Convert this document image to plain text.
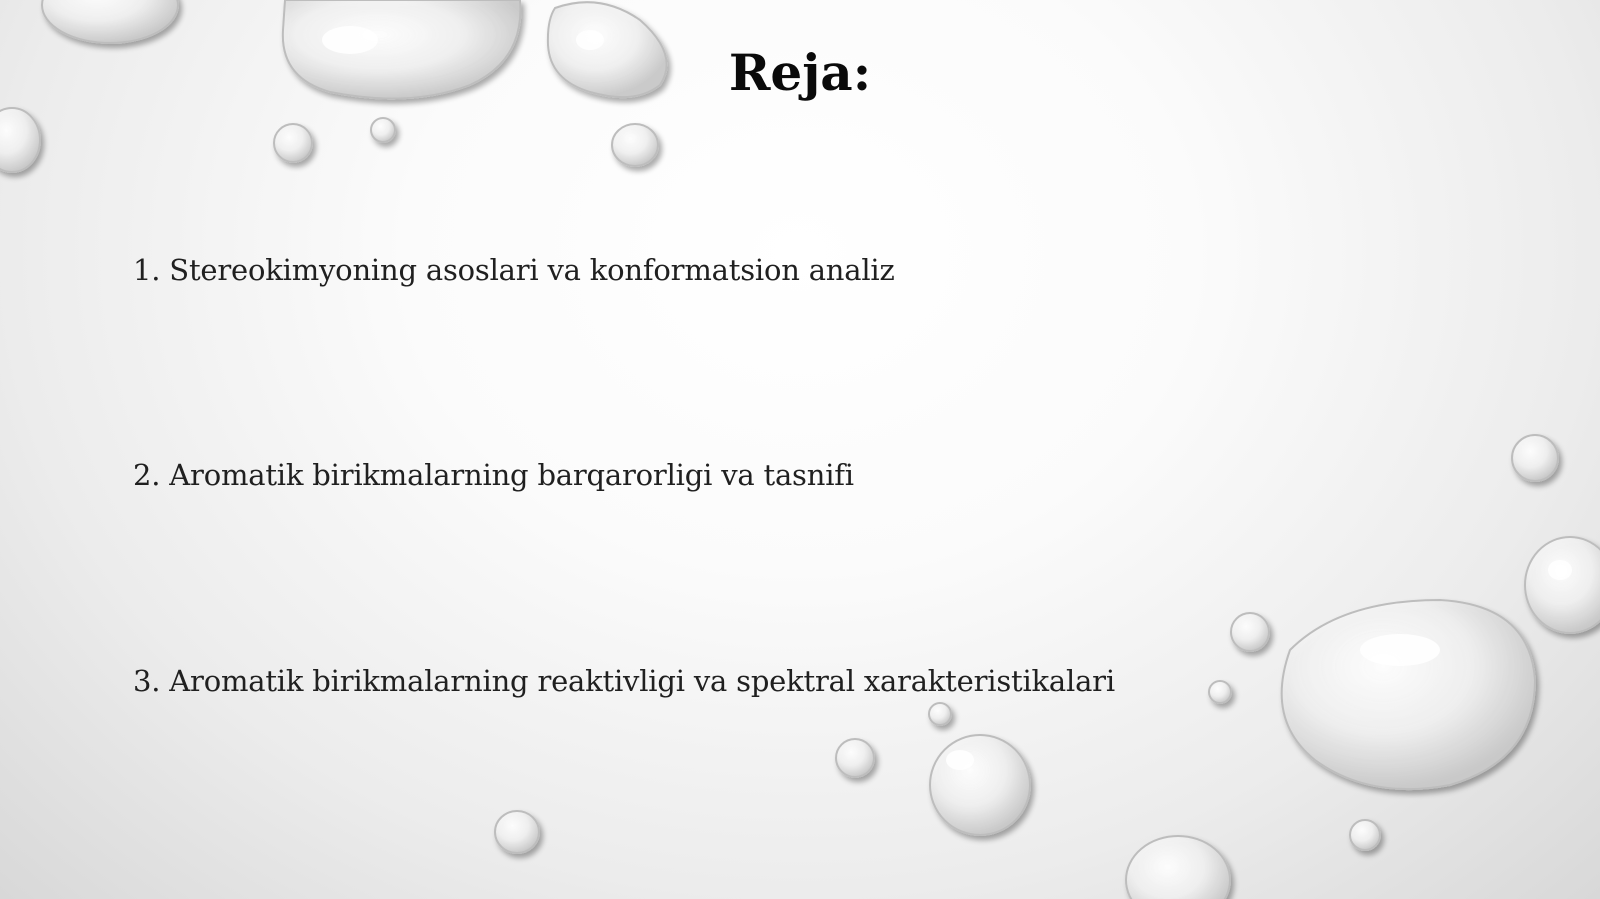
Reja:
1. Stereokimyoning asoslari va konformatsion analiz
2. Aromatik birikmalarning barqarorligi va tasnifi
3. Aromatik birikmalarning reaktivligi va spektral xarakteristikalari
